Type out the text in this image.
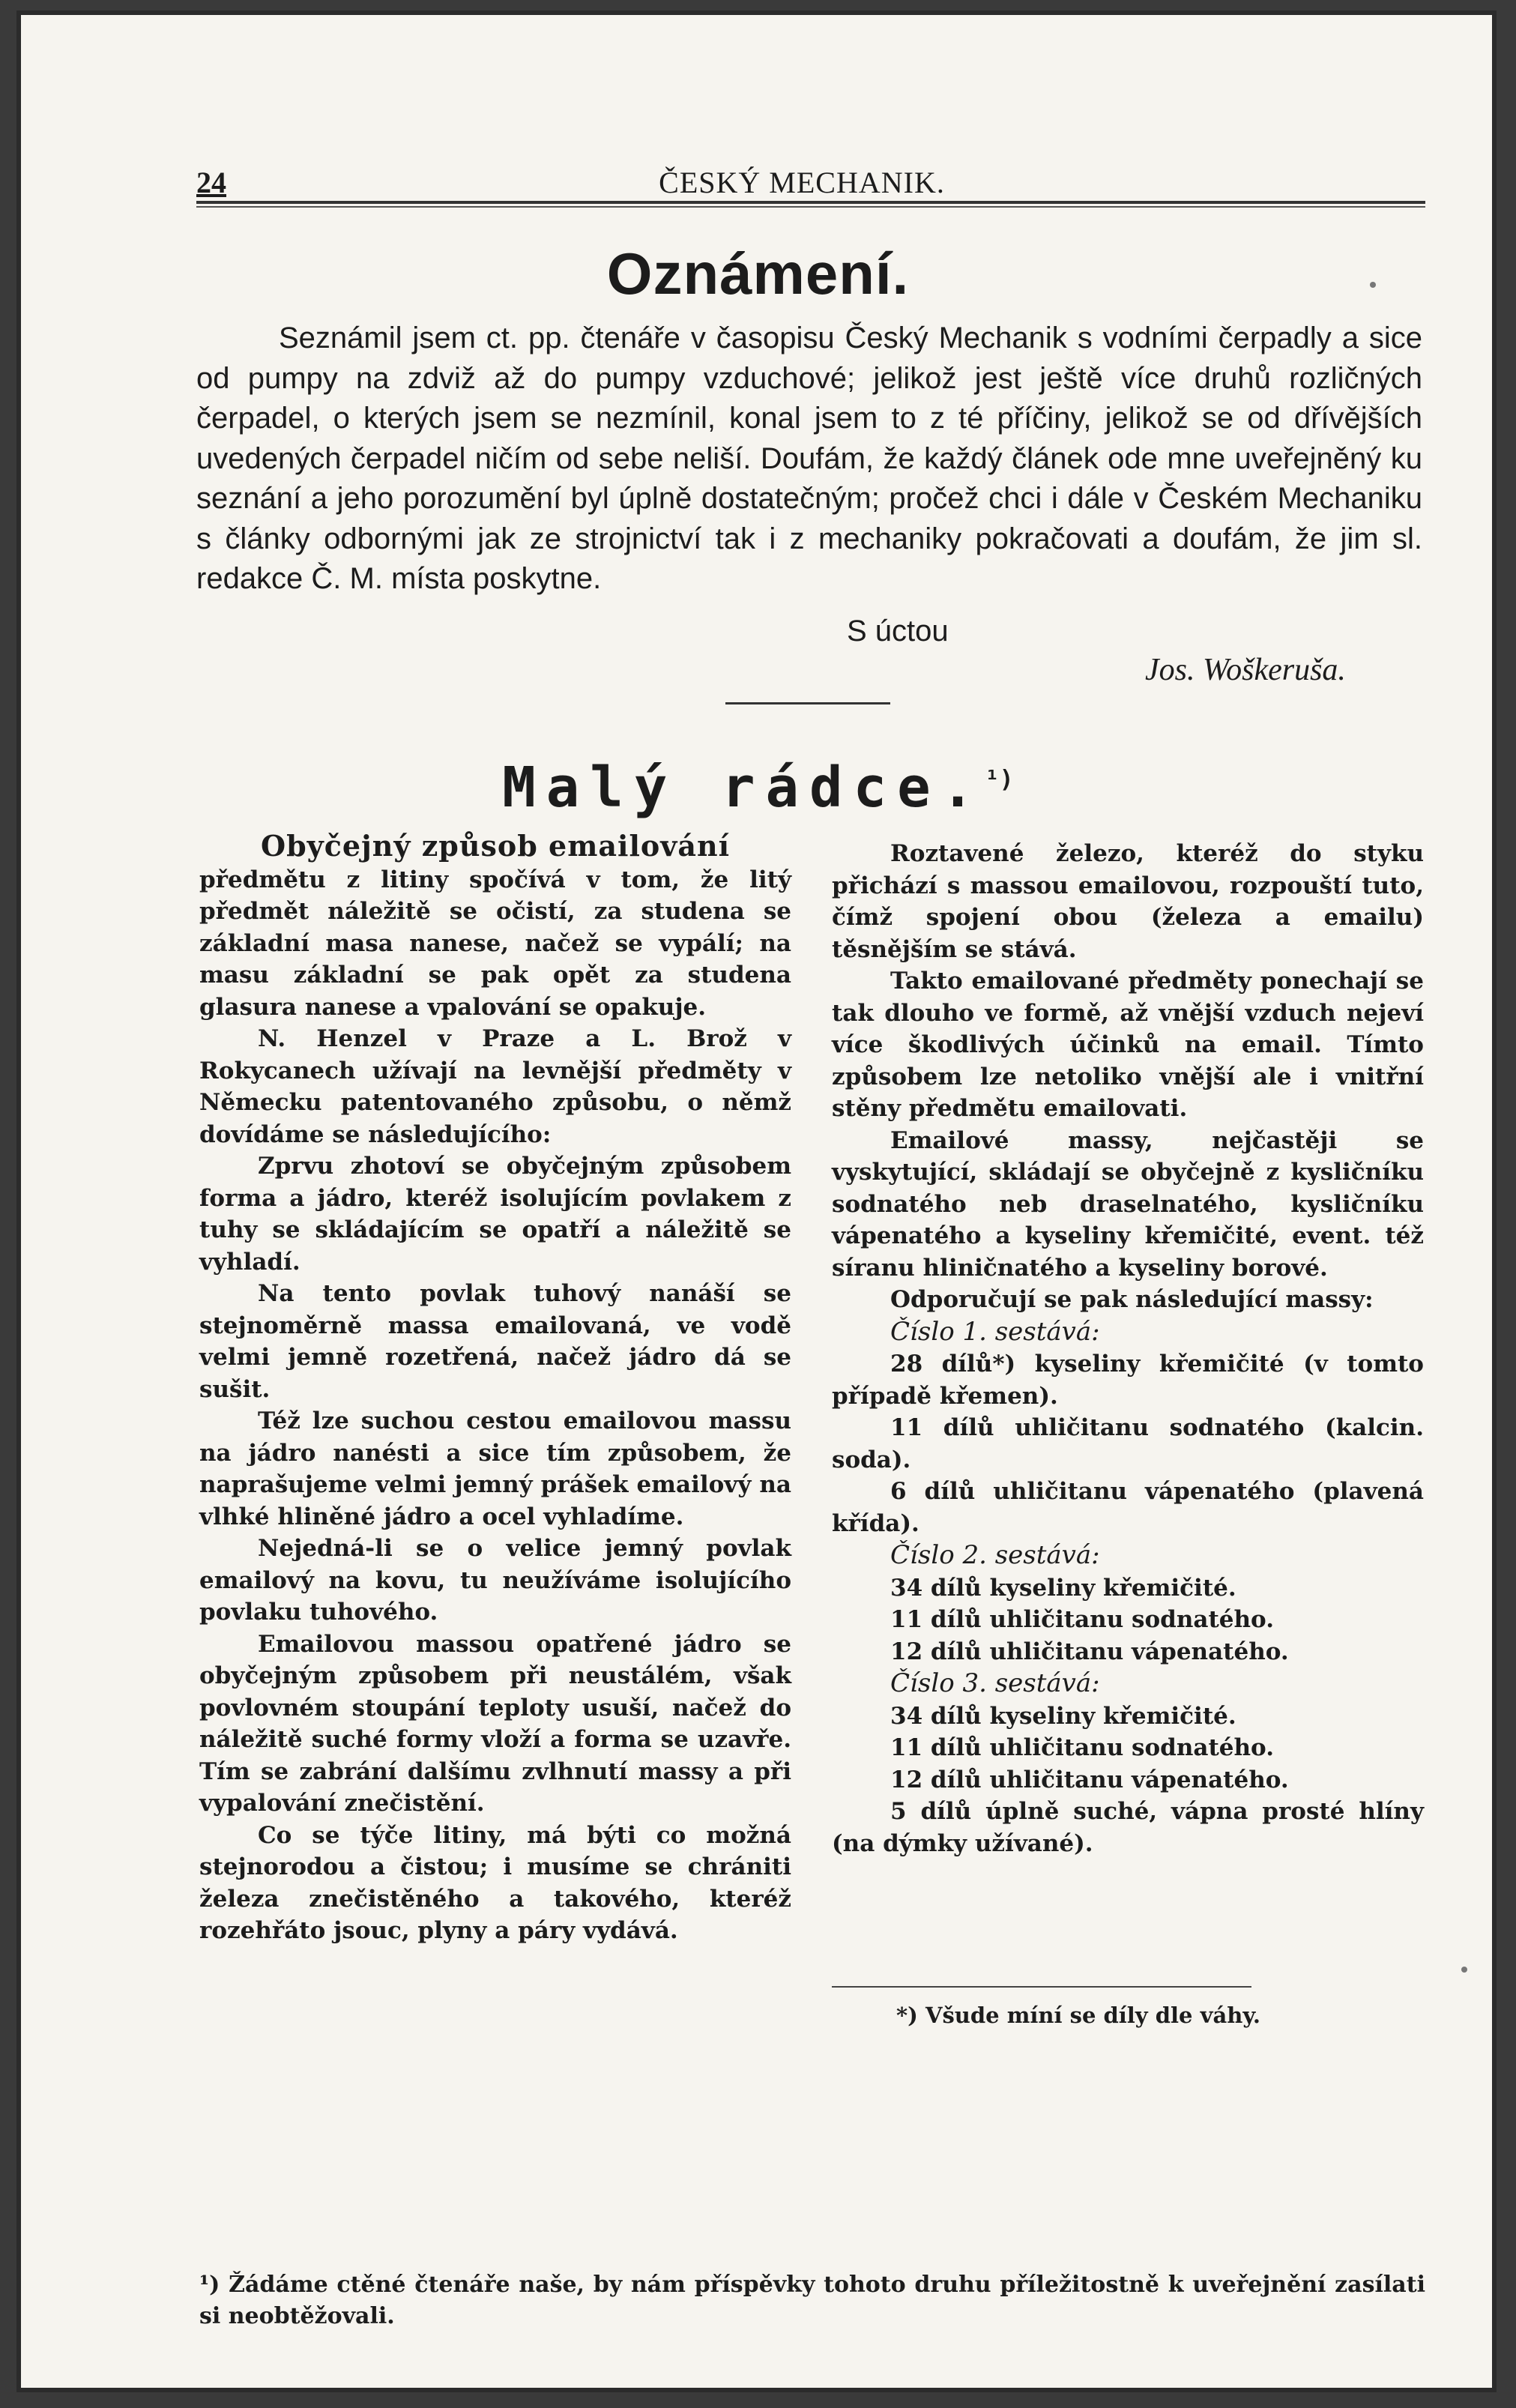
24	ČESKÝ MECHANIK.
Oznámení.
Seznámil jsem ct. pp. čtenáře v časopisu Český Mechanik s vodními čerpadly a sice od pumpy na zdviž až do pumpy vzduchové; jelikož jest ještě více druhů rozličných čerpadel, o kterých jsem se nezmínil, konal jsem to z té příčiny, jelikož se od dřívějších uvedených čerpadel ničím od sebe neliší. Doufám, že každý článek ode mne uveřejněný ku seznání a jeho porozumění byl úplně dostatečným; pročež chci i dále v Českém Mechaniku s články odbornými jak ze strojnictví tak i z mechaniky pokračovati a doufám, že jim sl. redakce Č. M. místa poskytne.
S úctou
Jos. Woškeruša.
Malý rádce.$^{^1)}$
Obyčejný způsob emailování

předmětu z litiny spočívá v tom, že litý předmět náležitě se očistí, za studena se základní masa nanese, načež se vypálí; na masu základní se pak opět za studena glasura nanese a vpalování se opakuje.

N. Henzel v Praze a L. Brož v Rokycanech užívají na levnější předměty v Německu patentovaného způsobu, o němž dovídáme se následujícího:

Zprvu zhotoví se obyčejným způsobem forma a jádro, kteréž isolujícím povlakem z tuhy se skládajícím se opatří a náležitě se vyhladí.

Na tento povlak tuhový nanáší se stejnoměrně massa emailovaná, ve vodě velmi jemně rozetřená, načež jádro dá se sušit.

Též lze suchou cestou emailovou massu na jádro nanésti a sice tím způsobem, že naprašujeme velmi jemný prášek emailový na vlhké hliněné jádro a ocel vyhladíme.

Nejedná-li se o velice jemný povlak emailový na kovu, tu neužíváme isolujícího povlaku tuhového.

Emailovou massou opatřené jádro se obyčejným způsobem při neustálém, však povlovném stoupání teploty usuší, načež do náležitě suché formy vloží a forma se uzavře. Tím se zabrání dalšímu zvlhnutí massy a při vypalování znečistění.

Co se týče litiny, má býti co možná stejnorodou a čistou; i musíme se chrániti železa znečistěného a takového, kteréž rozehřáto jsouc, plyny a páry vydává.

Roztavené železo, kteréž do styku přichází s massou emailovou, rozpouští tuto, čímž spojení obou (železa a emailu) těsnějším se stává.

Takto emailované předměty ponechají se tak dlouho ve formě, až vnější vzduch nejeví více škodlivých účinků na email. Tímto způsobem lze netoliko vnější ale i vnitřní stěny předmětu emailovati.

Emailové massy, nejčastěji se vyskytující, skládají se obyčejně z kysličníku sodnatého neb draselnatého, kysličníku vápenatého a kyseliny křemičité, event. též síranu hliničnatého a kyseliny borové.

Odporučují se pak následující massy:

Číslo 1. sestává:

28 dílů*) kyseliny křemičité (v tomto případě křemen).

11 dílů uhličitanu sodnatého (kalcin. soda).

6 dílů uhličitanu vápenatého (plavená křída).

Číslo 2. sestává:

34 dílů kyseliny křemičité.

11 dílů uhličitanu sodnatého.

12 dílů uhličitanu vápenatého.

Číslo 3. sestává:

34 dílů kyseliny křemičité.

11 dílů uhličitanu sodnatého.

12 dílů uhličitanu vápenatého.

5 dílů úplně suché, vápna prosté hlíny (na dýmky užívané).

*) Všude míní se díly dle váhy.
¹) Žádáme ctěné čtenáře naše, by nám příspěvky tohoto druhu příležitostně k uveřejnění zasílati si neobtěžovali.
